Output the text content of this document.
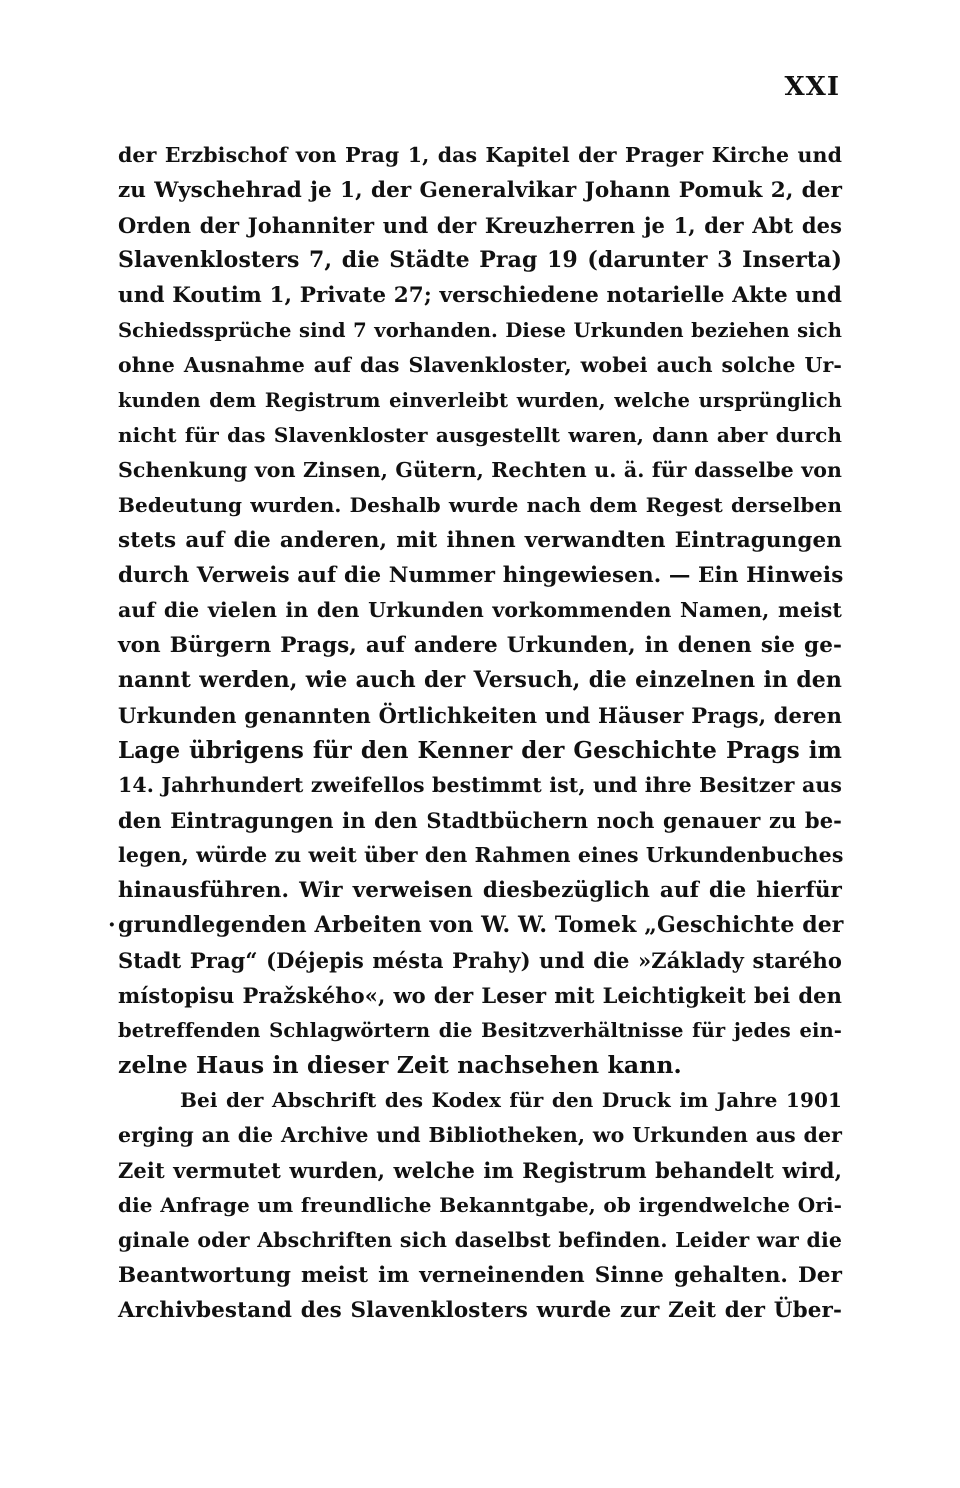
XXI
der Erzbischof von Prag 1, das Kapitel der Prager Kirche und
zu Wyschehrad je 1, der Generalvikar Johann Pomuk 2, der
Orden der Johanniter und der Kreuzherren je 1, der Abt des
Slavenklosters 7, die Städte Prag 19 (darunter 3 Inserta)
und Koutim 1, Private 27; verschiedene notarielle Akte und
Schiedssprüche sind 7 vorhanden. Diese Urkunden beziehen sich
ohne Ausnahme auf das Slavenkloster, wobei auch solche Ur-
kunden dem Registrum einverleibt wurden, welche ursprünglich
nicht für das Slavenkloster ausgestellt waren, dann aber durch
Schenkung von Zinsen, Gütern, Rechten u. ä. für dasselbe von
Bedeutung wurden. Deshalb wurde nach dem Regest derselben
stets auf die anderen, mit ihnen verwandten Eintragungen
durch Verweis auf die Nummer hingewiesen. — Ein Hinweis
auf die vielen in den Urkunden vorkommenden Namen, meist
von Bürgern Prags, auf andere Urkunden, in denen sie ge-
nannt werden, wie auch der Versuch, die einzelnen in den
Urkunden genannten Örtlichkeiten und Häuser Prags, deren
Lage übrigens für den Kenner der Geschichte Prags im
14. Jahrhundert zweifellos bestimmt ist, und ihre Besitzer aus
den Eintragungen in den Stadtbüchern noch genauer zu be-
legen, würde zu weit über den Rahmen eines Urkundenbuches
hinausführen. Wir verweisen diesbezüglich auf die hierfür
· grundlegenden Arbeiten von W. W. Tomek „Geschichte der
Stadt Prag“ (Déjepis mésta Prahy) und die »Základy starého
místopisu Pražského«, wo der Leser mit Leichtigkeit bei den
betreffenden Schlagwörtern die Besitzverhältnisse für jedes ein-
zelne Haus in dieser Zeit nachsehen kann.
Bei der Abschrift des Kodex für den Druck im Jahre 1901
erging an die Archive und Bibliotheken, wo Urkunden aus der
Zeit vermutet wurden, welche im Registrum behandelt wird,
die Anfrage um freundliche Bekanntgabe, ob irgendwelche Ori-
ginale oder Abschriften sich daselbst befinden. Leider war die
Beantwortung meist im verneinenden Sinne gehalten. Der
Archivbestand des Slavenklosters wurde zur Zeit der Über-
